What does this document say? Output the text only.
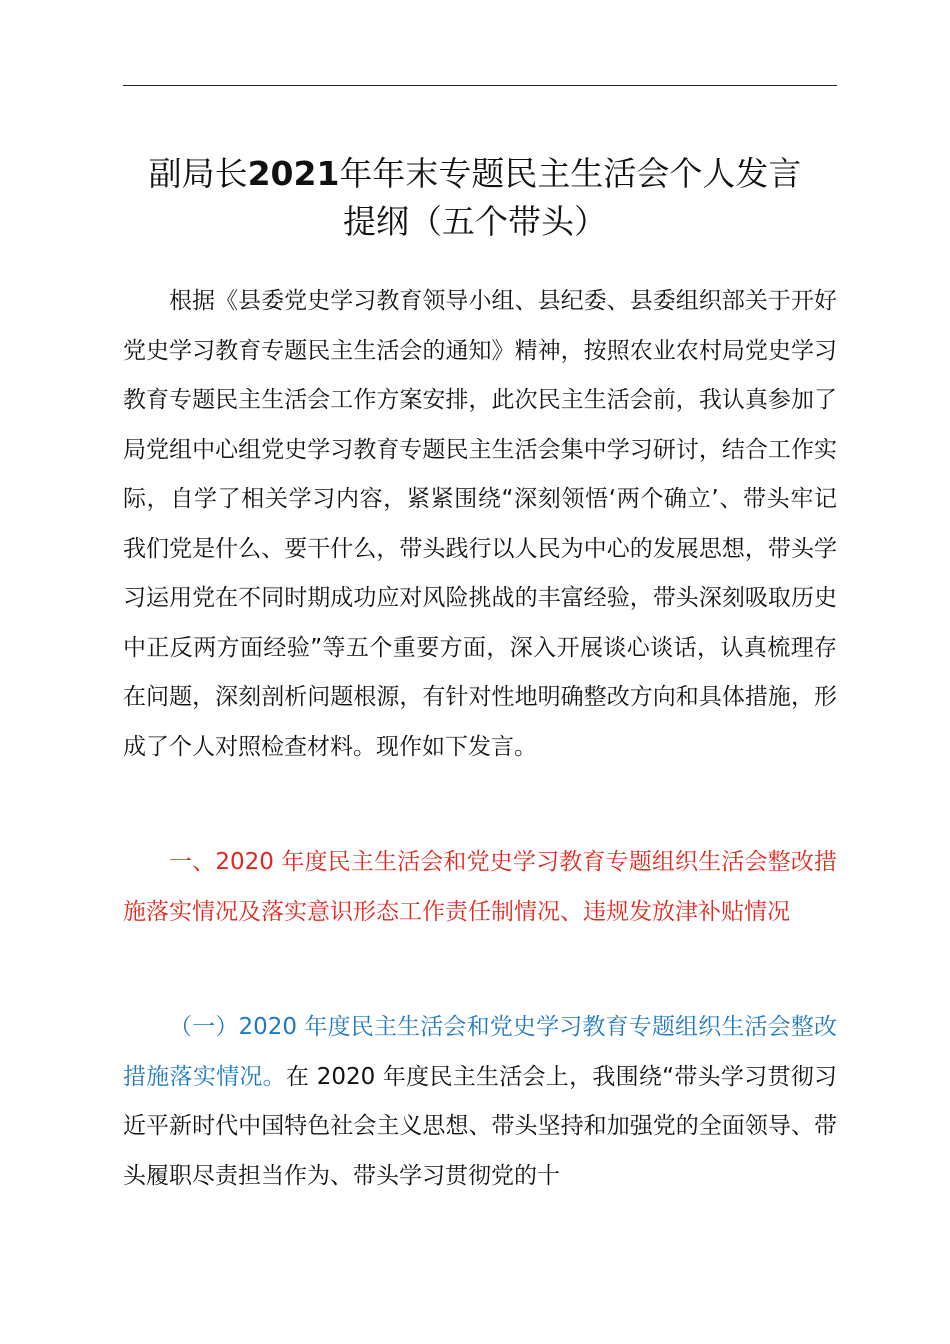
副局长2021年年末专题民主生活会个人发言
提纲（五个带头）

根据《县委党史学习教育领导小组、县纪委、县委组织部关于开好党史学习教育专题民主生活会的通知》精神，按照农业农村局党史学习教育专题民主生活会工作方案安排，此次民主生活会前，我认真参加了局党组中心组党史学习教育专题民主生活会集中学习研讨，结合工作实际，自学了相关学习内容，紧紧围绕“深刻领悟‘两个确立’、带头牢记我们党是什么、要干什么，带头践行以人民为中心的发展思想，带头学习运用党在不同时期成功应对风险挑战的丰富经验，带头深刻吸取历史中正反两方面经验”等五个重要方面，深入开展谈心谈话，认真梳理存在问题，深刻剖析问题根源，有针对性地明确整改方向和具体措施，形成了个人对照检查材料。现作如下发言。

一、2020 年度民主生活会和党史学习教育专题组织生活会整改措施落实情况及落实意识形态工作责任制情况、违规发放津补贴情况

（一）2020 年度民主生活会和党史学习教育专题组织生活会整改措施落实情况。在 2020 年度民主生活会上，我围绕“带头学习贯彻习近平新时代中国特色社会主义思想、带头坚持和加强党的全面领导、带头履职尽责担当作为、带头学习贯彻党的十
